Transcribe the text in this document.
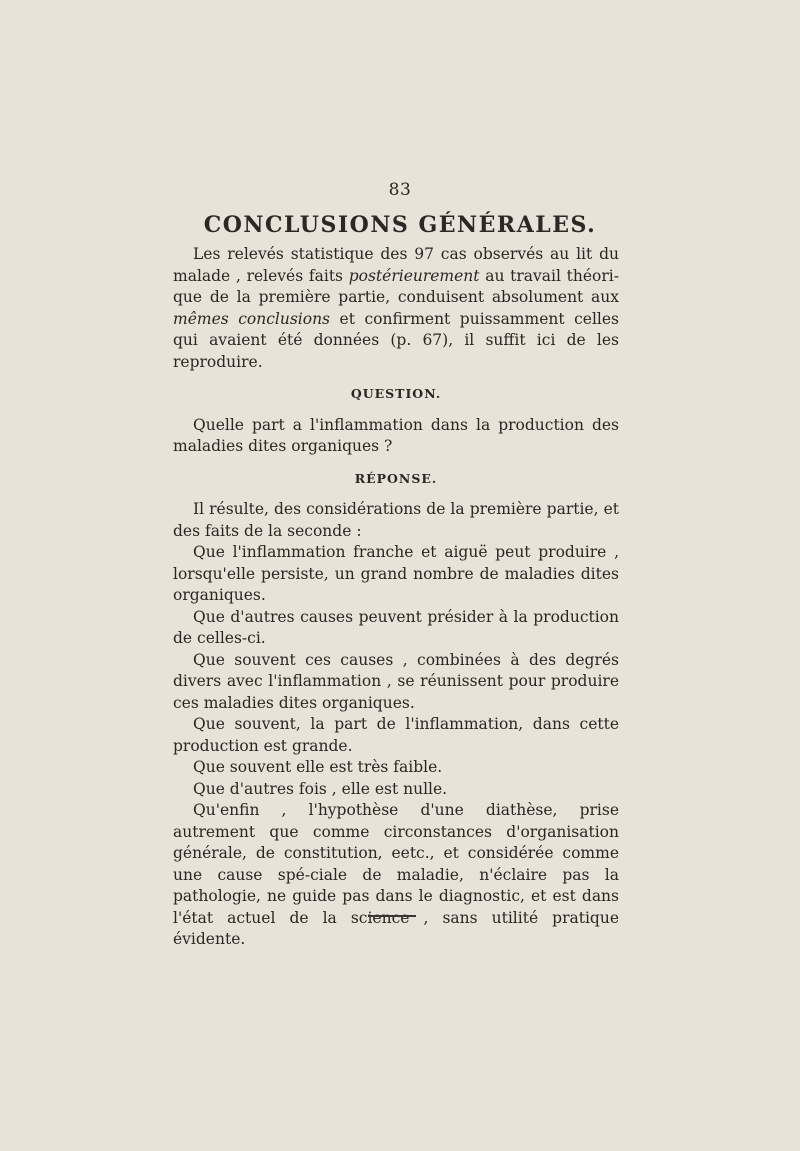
83
CONCLUSIONS GÉNÉRALES.

Les relevés statistique des 97 cas observés au lit du malade , relevés faits postérieurement au travail théori-que de la première partie, conduisent absolument aux mêmes conclusions et confirment puissamment celles qui avaient été données (p. 67), il suffit ici de les reproduire.

QUESTION.

Quelle part a l'inflammation dans la production des maladies dites organiques ?

RÉPONSE.

Il résulte, des considérations de la première partie, et des faits de la seconde :

Que l'inflammation franche et aiguë peut produire , lorsqu'elle persiste, un grand nombre de maladies dites organiques.

Que d'autres causes peuvent présider à la production de celles-ci.

Que souvent ces causes , combinées à des degrés divers avec l'inflammation , se réunissent pour produire ces maladies dites organiques.

Que souvent, la part de l'inflammation, dans cette production est grande.

Que souvent elle est très faible.

Que d'autres fois , elle est nulle.

Qu'enfin , l'hypothèse d'une diathèse, prise autrement que comme circonstances d'organisation générale, de constitution, eetc., et considérée comme une cause spé-ciale de maladie, n'éclaire pas la pathologie, ne guide pas dans le diagnostic, et est dans l'état actuel de la science , sans utilité pratique évidente.
